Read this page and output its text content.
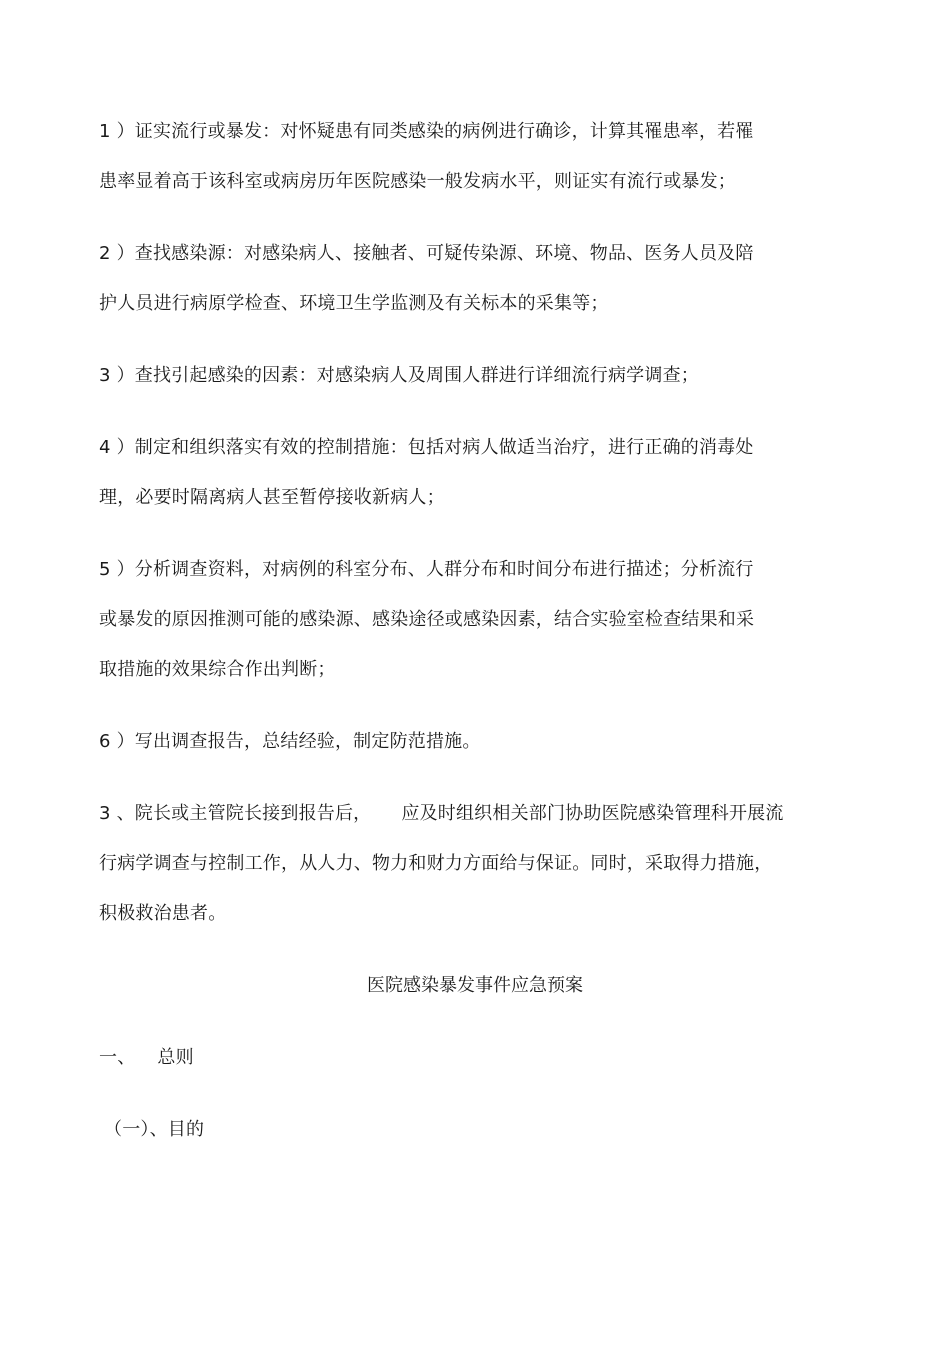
1 ）证实流行或暴发：对怀疑患有同类感染的病例进行确诊，计算其罹患率，若罹
患率显着高于该科室或病房历年医院感染一般发病水平，则证实有流行或暴发；
2 ）查找感染源：对感染病人、接触者、可疑传染源、环境、物品、医务人员及陪
护人员进行病原学检查、环境卫生学监测及有关标本的采集等；
3 ）查找引起感染的因素：对感染病人及周围人群进行详细流行病学调查；
4 ）制定和组织落实有效的控制措施：包括对病人做适当治疗，进行正确的消毒处
理，必要时隔离病人甚至暂停接收新病人；
5 ）分析调查资料，对病例的科室分布、人群分布和时间分布进行描述；分析流行
或暴发的原因推测可能的感染源、感染途径或感染因素，结合实验室检查结果和采
取措施的效果综合作出判断；
6 ）写出调查报告，总结经验，制定防范措施。
3 、院长或主管院长接到报告后， 应及时组织相关部门协助医院感染管理科开展流
行病学调查与控制工作，从人力、物力和财力方面给与保证。同时，采取得力措施，
积极救治患者。
医院感染暴发事件应急预案
一、 总则
（一）、目的
